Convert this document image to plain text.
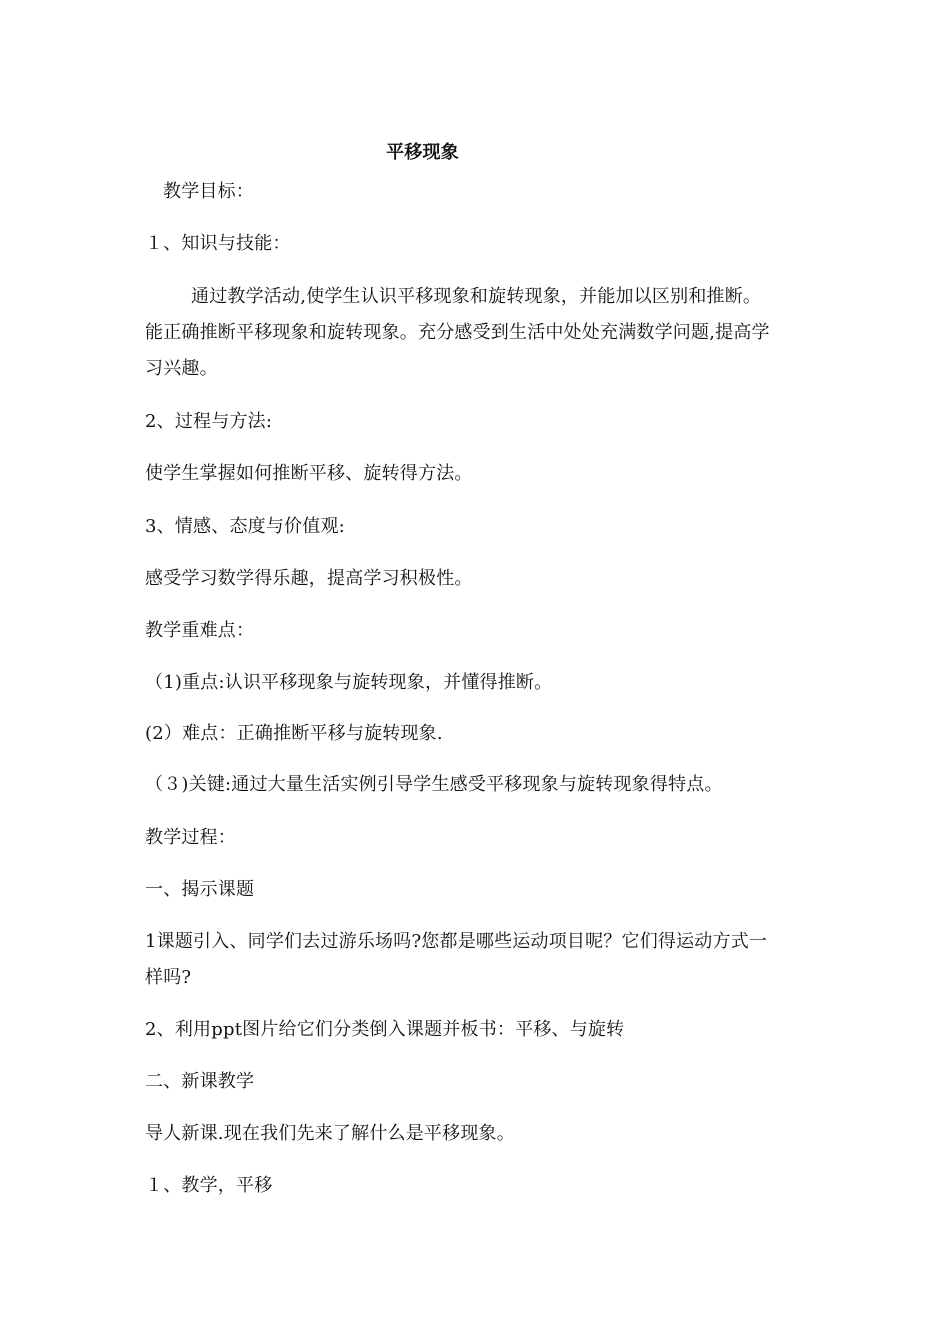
平移现象
教学目标：
１、知识与技能：
通过教学活动,使学生认识平移现象和旋转现象，并能加以区别和推断。
能正确推断平移现象和旋转现象。充分感受到生活中处处充满数学问题,提高学
习兴趣。
2、过程与方法:
使学生掌握如何推断平移、旋转得方法。
3、情感、态度与价值观:
感受学习数学得乐趣，提高学习积极性。
教学重难点：
（1)重点:认识平移现象与旋转现象，并懂得推断。
(2）难点：正确推断平移与旋转现象.
（３)关键:通过大量生活实例引导学生感受平移现象与旋转现象得特点。
教学过程：
一、揭示课题
1课题引入、同学们去过游乐场吗?您都是哪些运动项目呢？它们得运动方式一
样吗?
2、利用ppt图片给它们分类倒入课题并板书：平移、与旋转
二、新课教学
导人新课.现在我们先来了解什么是平移现象。
１、教学，平移
